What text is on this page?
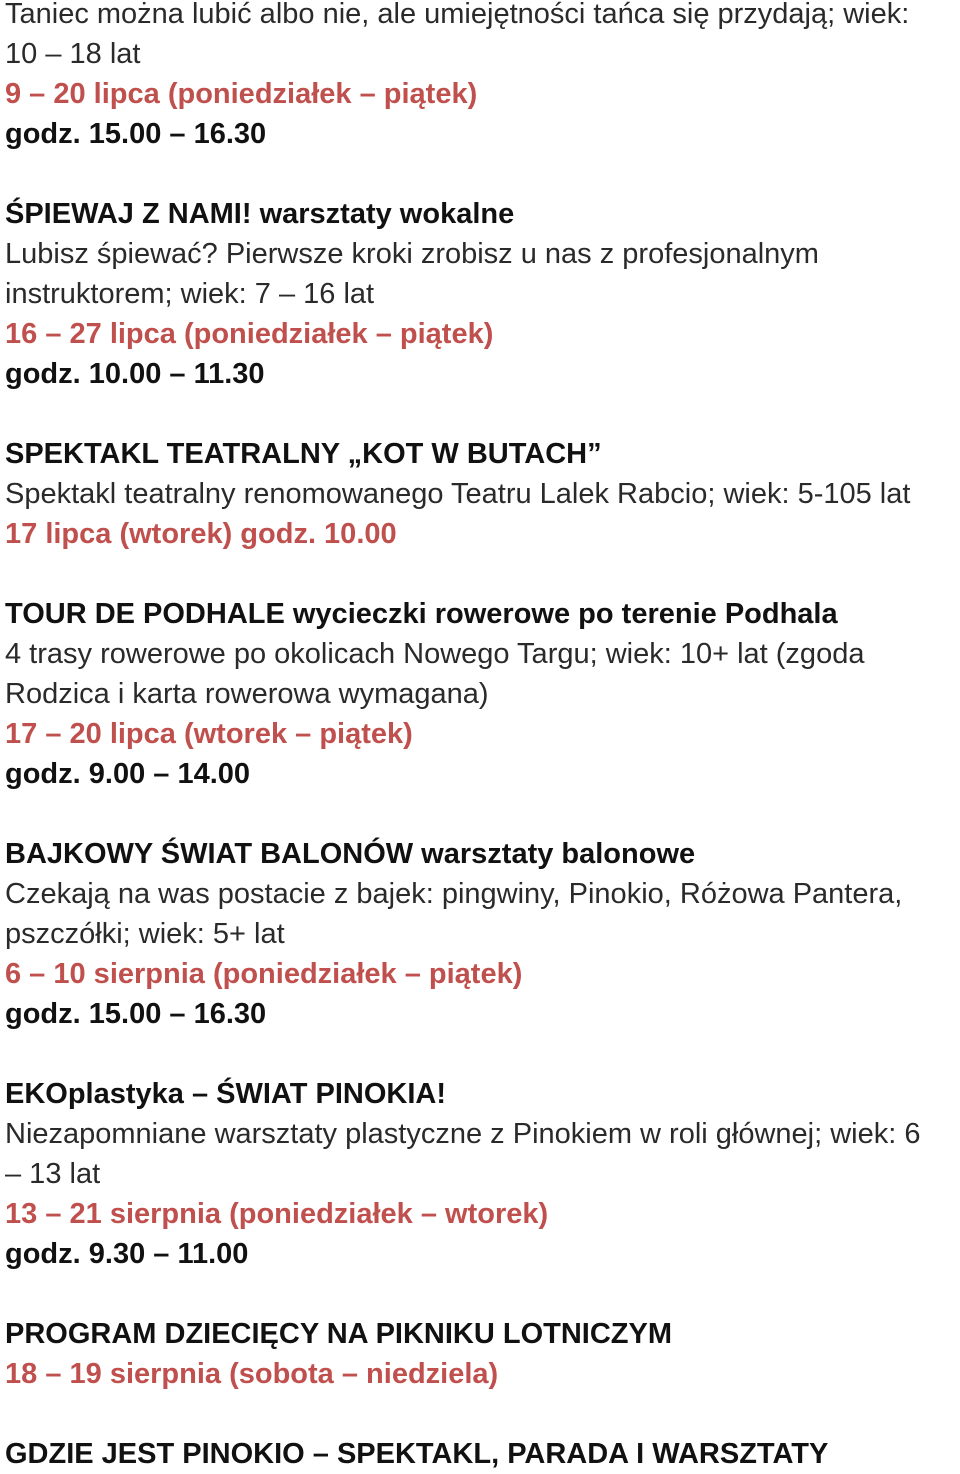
Taniec można lubić albo nie, ale umiejętności tańca się przydają; wiek:
10 – 18 lat
9 – 20 lipca (poniedziałek – piątek)
godz. 15.00 – 16.30
ŚPIEWAJ Z NAMI! warsztaty wokalne
Lubisz śpiewać? Pierwsze kroki zrobisz u nas z profesjonalnym
instruktorem; wiek: 7 – 16 lat
16 – 27 lipca (poniedziałek – piątek)
godz. 10.00 – 11.30
SPEKTAKL TEATRALNY „KOT W BUTACH”
Spektakl teatralny renomowanego Teatru Lalek Rabcio; wiek: 5-105 lat
17 lipca (wtorek) godz. 10.00
TOUR DE PODHALE wycieczki rowerowe po terenie Podhala
4 trasy rowerowe po okolicach Nowego Targu; wiek: 10+ lat (zgoda
Rodzica i karta rowerowa wymagana)
17 – 20 lipca (wtorek – piątek)
godz. 9.00 – 14.00
BAJKOWY ŚWIAT BALONÓW warsztaty balonowe
Czekają na was postacie z bajek: pingwiny, Pinokio, Różowa Pantera,
pszczółki; wiek: 5+ lat
6 – 10 sierpnia (poniedziałek – piątek)
godz. 15.00 – 16.30
EKOplastyka – ŚWIAT PINOKIA!
Niezapomniane warsztaty plastyczne z Pinokiem w roli głównej; wiek: 6
– 13 lat
13 – 21 sierpnia (poniedziałek – wtorek)
godz. 9.30 – 11.00
PROGRAM DZIECIĘCY NA PIKNIKU LOTNICZYM
18 – 19 sierpnia (sobota – niedziela)
GDZIE JEST PINOKIO – SPEKTAKL, PARADA I WARSZTATY
